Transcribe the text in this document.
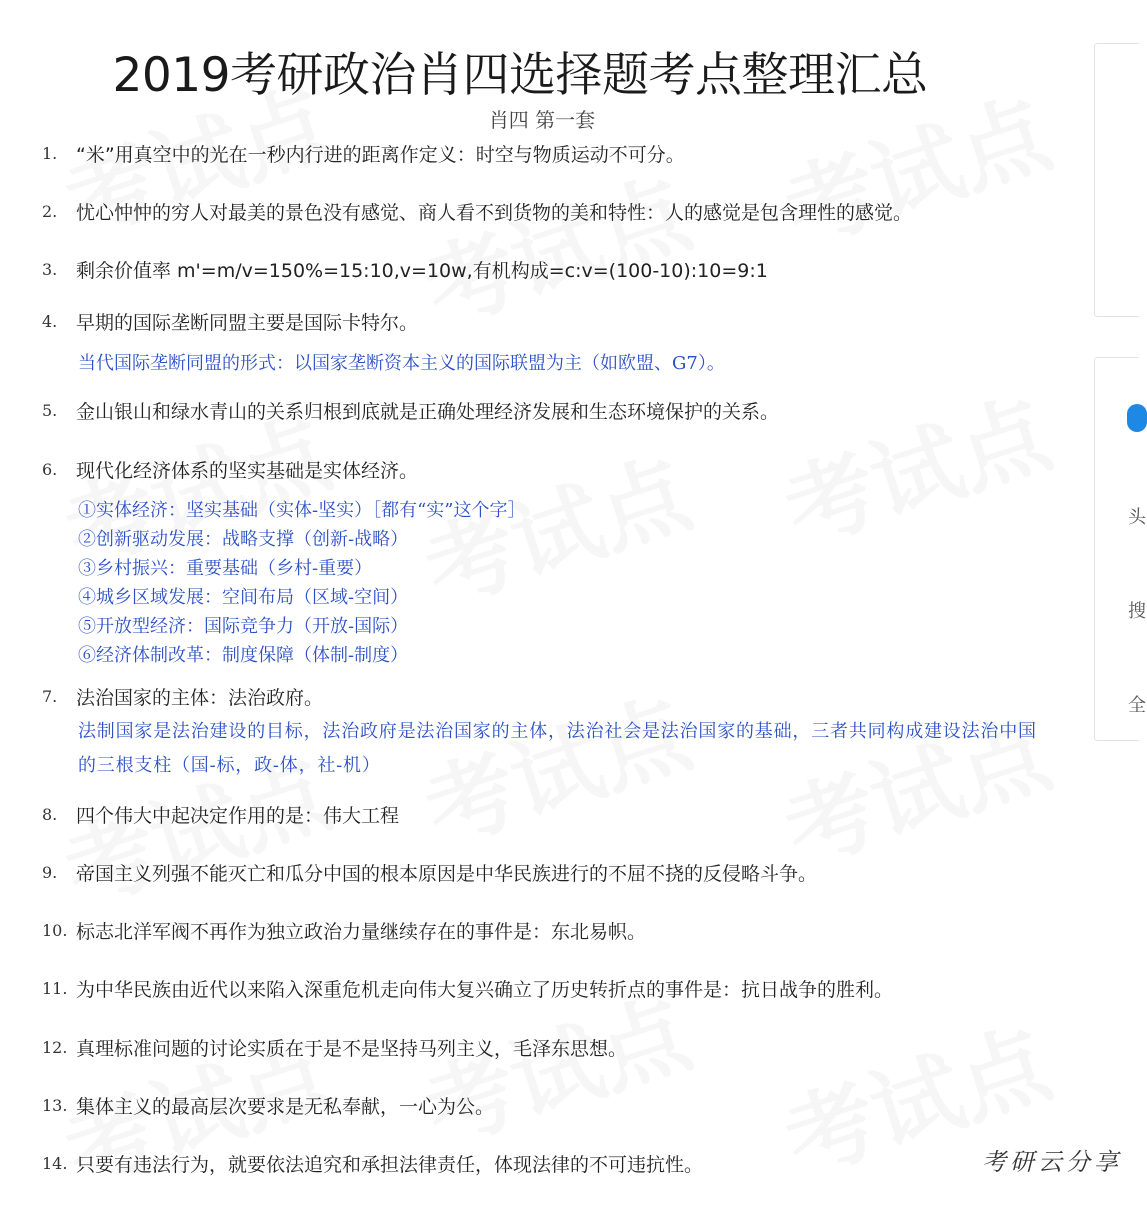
2019考研政治肖四选择题考点整理汇总
肖四 第一套
1. “米”用真空中的光在一秒内行进的距离作定义：时空与物质运动不可分。
2. 忧心忡忡的穷人对最美的景色没有感觉、商人看不到货物的美和特性：人的感觉是包含理性的感觉。
3. 剩余价值率 m'=m/v=150%=15:10,v=10w,有机构成=c:v=(100-10):10=9:1
4. 早期的国际垄断同盟主要是国际卡特尔。
当代国际垄断同盟的形式：以国家垄断资本主义的国际联盟为主（如欧盟、G7）。
5. 金山银山和绿水青山的关系归根到底就是正确处理经济发展和生态环境保护的关系。
6. 现代化经济体系的坚实基础是实体经济。
①实体经济：坚实基础（实体-坚实）［都有“实”这个字］
②创新驱动发展：战略支撑（创新-战略）
③乡村振兴：重要基础（乡村-重要）
④城乡区域发展：空间布局（区域-空间）
⑤开放型经济：国际竞争力（开放-国际）
⑥经济体制改革：制度保障（体制-制度）
7. 法治国家的主体：法治政府。
法制国家是法治建设的目标，法治政府是法治国家的主体，法治社会是法治国家的基础，三者共同构成建设法治中国的三根支柱（国-标，政-体，社-机）
8. 四个伟大中起决定作用的是：伟大工程
9. 帝国主义列强不能灭亡和瓜分中国的根本原因是中华民族进行的不屈不挠的反侵略斗争。
10. 标志北洋军阀不再作为独立政治力量继续存在的事件是：东北易帜。
11. 为中华民族由近代以来陷入深重危机走向伟大复兴确立了历史转折点的事件是：抗日战争的胜利。
12. 真理标准问题的讨论实质在于是不是坚持马列主义，毛泽东思想。
13. 集体主义的最高层次要求是无私奉献，一心为公。
14. 只要有违法行为，就要依法追究和承担法律责任，体现法律的不可违抗性。
头
搜
全
考研云分享
